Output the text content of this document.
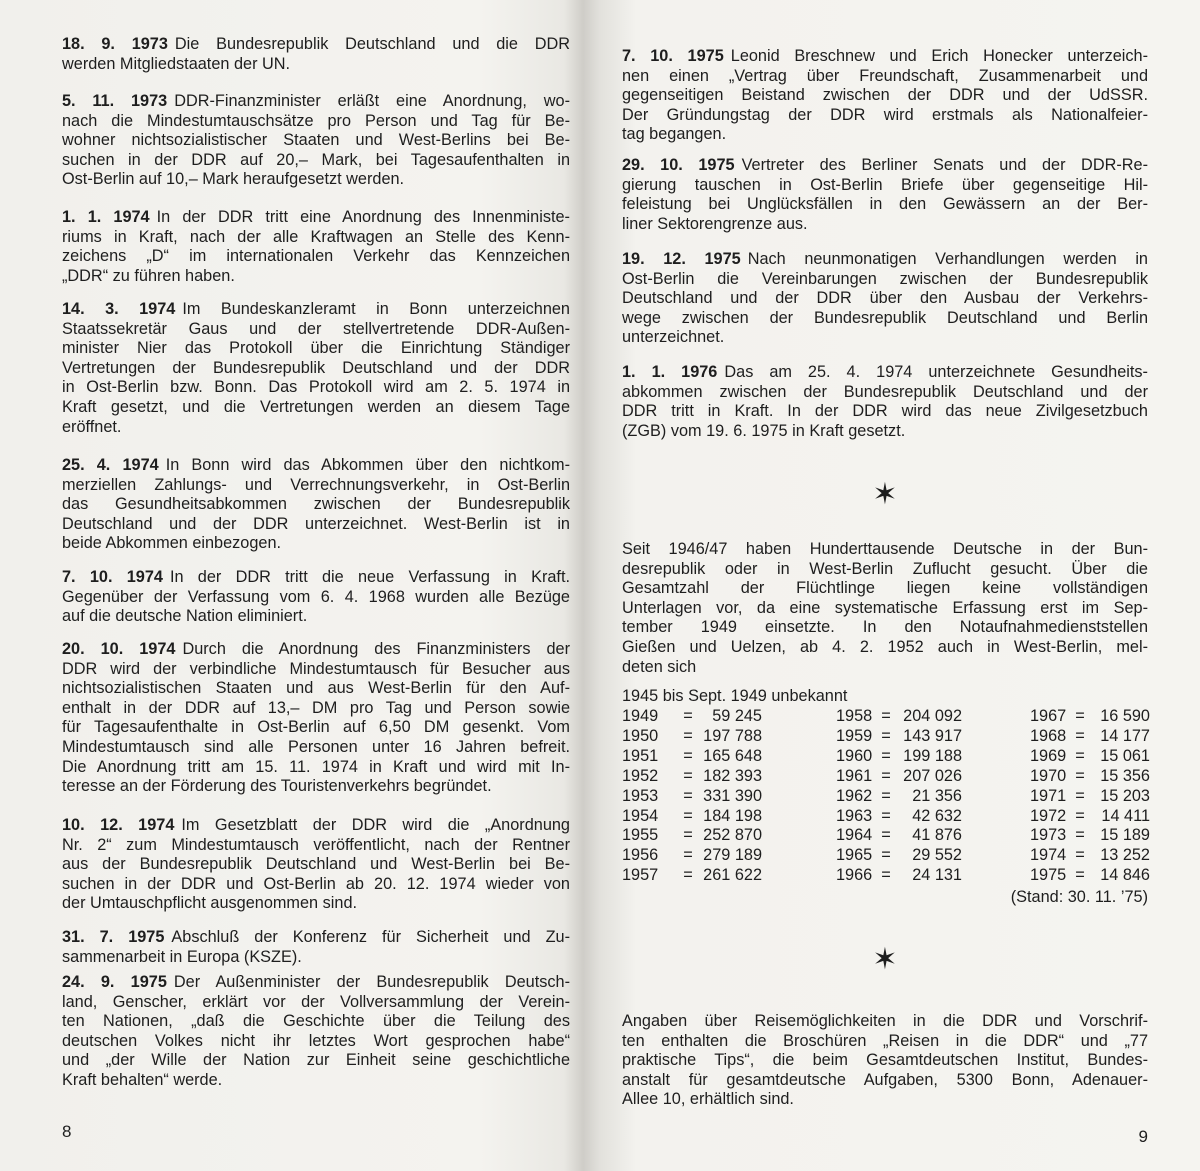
18. 9. 1973 Die Bundesrepublik Deutschland und die DDR
werden Mitgliedstaaten der UN.
5. 11. 1973 DDR-Finanzminister erläßt eine Anordnung, wo-
nach die Mindestumtauschsätze pro Person und Tag für Be-
wohner nichtsozialistischer Staaten und West-Berlins bei Be-
suchen in der DDR auf 20,– Mark, bei Tagesaufenthalten in
Ost-Berlin auf 10,– Mark heraufgesetzt werden.
1. 1. 1974 In der DDR tritt eine Anordnung des Innenministe-
riums in Kraft, nach der alle Kraftwagen an Stelle des Kenn-
zeichens „D“ im internationalen Verkehr das Kennzeichen
„DDR“ zu führen haben.
14. 3. 1974 Im Bundeskanzleramt in Bonn unterzeichnen
Staatssekretär Gaus und der stellvertretende DDR-Außen-
minister Nier das Protokoll über die Einrichtung Ständiger
Vertretungen der Bundesrepublik Deutschland und der DDR
in Ost-Berlin bzw. Bonn. Das Protokoll wird am 2. 5. 1974 in
Kraft gesetzt, und die Vertretungen werden an diesem Tage
eröffnet.
25. 4. 1974 In Bonn wird das Abkommen über den nichtkom-
merziellen Zahlungs- und Verrechnungsverkehr, in Ost-Berlin
das Gesundheitsabkommen zwischen der Bundesrepublik
Deutschland und der DDR unterzeichnet. West-Berlin ist in
beide Abkommen einbezogen.
7. 10. 1974 In der DDR tritt die neue Verfassung in Kraft.
Gegenüber der Verfassung vom 6. 4. 1968 wurden alle Bezüge
auf die deutsche Nation eliminiert.
20. 10. 1974 Durch die Anordnung des Finanzministers der
DDR wird der verbindliche Mindestumtausch für Besucher aus
nichtsozialistischen Staaten und aus West-Berlin für den Auf-
enthalt in der DDR auf 13,– DM pro Tag und Person sowie
für Tagesaufenthalte in Ost-Berlin auf 6,50 DM gesenkt. Vom
Mindestumtausch sind alle Personen unter 16 Jahren befreit.
Die Anordnung tritt am 15. 11. 1974 in Kraft und wird mit In-
teresse an der Förderung des Touristenverkehrs begründet.
10. 12. 1974 Im Gesetzblatt der DDR wird die „Anordnung
Nr. 2“ zum Mindestumtausch veröffentlicht, nach der Rentner
aus der Bundesrepublik Deutschland und West-Berlin bei Be-
suchen in der DDR und Ost-Berlin ab 20. 12. 1974 wieder von
der Umtauschpflicht ausgenommen sind.
31. 7. 1975 Abschluß der Konferenz für Sicherheit und Zu-
sammenarbeit in Europa (KSZE).
24. 9. 1975 Der Außenminister der Bundesrepublik Deutsch-
land, Genscher, erklärt vor der Vollversammlung der Verein-
ten Nationen, „daß die Geschichte über die Teilung des
deutschen Volkes nicht ihr letztes Wort gesprochen habe“
und „der Wille der Nation zur Einheit seine geschichtliche
Kraft behalten“ werde.
8
7. 10. 1975 Leonid Breschnew und Erich Honecker unterzeich-
nen einen „Vertrag über Freundschaft, Zusammenarbeit und
gegenseitigen Beistand zwischen der DDR und der UdSSR.
Der Gründungstag der DDR wird erstmals als Nationalfeier-
tag begangen.
29. 10. 1975 Vertreter des Berliner Senats und der DDR-Re-
gierung tauschen in Ost-Berlin Briefe über gegenseitige Hil-
feleistung bei Unglücksfällen in den Gewässern an der Ber-
liner Sektorengrenze aus.
19. 12. 1975 Nach neunmonatigen Verhandlungen werden in
Ost-Berlin die Vereinbarungen zwischen der Bundesrepublik
Deutschland und der DDR über den Ausbau der Verkehrs-
wege zwischen der Bundesrepublik Deutschland und Berlin
unterzeichnet.
1. 1. 1976 Das am 25. 4. 1974 unterzeichnete Gesundheits-
abkommen zwischen der Bundesrepublik Deutschland und der
DDR tritt in Kraft. In der DDR wird das neue Zivilgesetzbuch
(ZGB) vom 19. 6. 1975 in Kraft gesetzt.
✶
Seit 1946/47 haben Hunderttausende Deutsche in der Bun-
desrepublik oder in West-Berlin Zuflucht gesucht. Über die
Gesamtzahl der Flüchtlinge liegen keine vollständigen
Unterlagen vor, da eine systematische Erfassung erst im Sep-
tember 1949 einsetzte. In den Notaufnahmedienststellen
Gießen und Uelzen, ab 4. 2. 1952 auch in West-Berlin, mel-
deten sich
1945 bis Sept. 1949 unbekannt
1949	=	59 245
1950	= 197 788
1951	= 165 648
1952	= 182 393
1953	= 331 390
1954	= 184 198
1955	= 252 870
1956	= 279 189
1957	= 261 622
1958 = 204 092
1959 = 143 917
1960 = 199 188
1961 = 207 026
1962 =	21 356
1963 =	42 632
1964 =	41 876
1965 =	29 552
1966 =	24 131
1967 = 16 590
1968 = 14 177
1969 = 15 061
1970 = 15 356
1971 = 15 203
1972 =	14 411
1973 = 15 189
1974 = 13 252
1975 = 14 846
(Stand: 30. 11. ’75)
✶
Angaben über Reisemöglichkeiten in die DDR und Vorschrif-
ten enthalten die Broschüren „Reisen in die DDR“ und „77
praktische Tips“, die beim Gesamtdeutschen Institut, Bundes-
anstalt für gesamtdeutsche Aufgaben, 5300 Bonn, Adenauer-
Allee 10, erhältlich sind.
9
